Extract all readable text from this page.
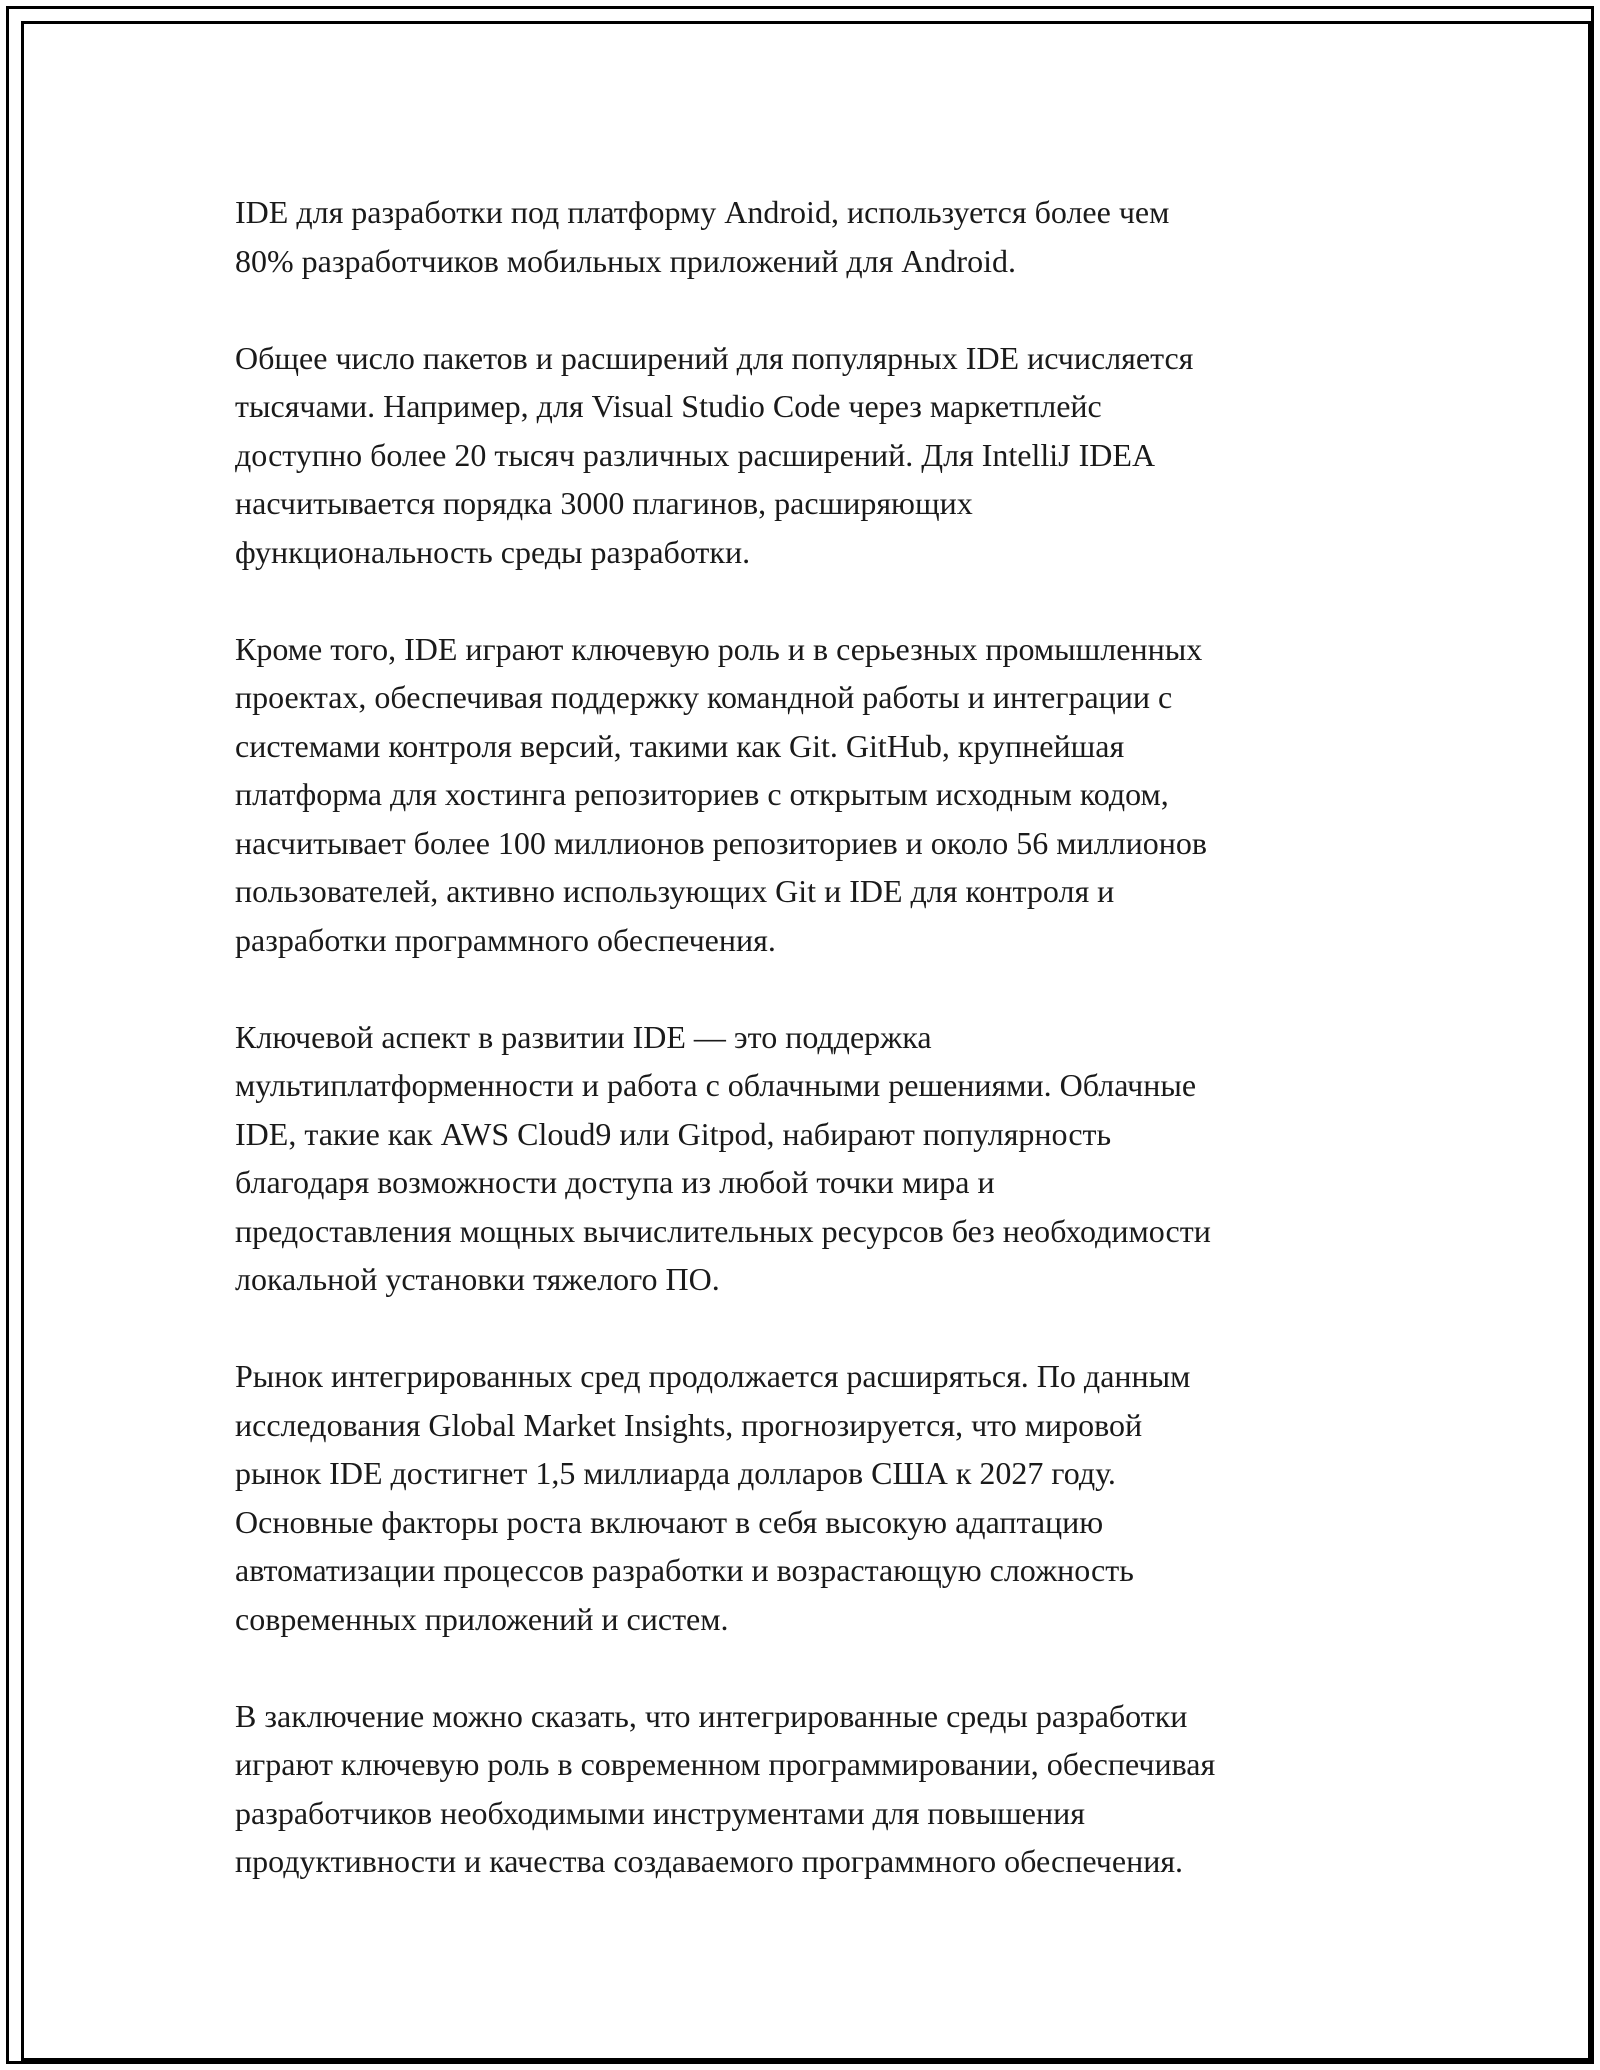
IDE для разработки под платформу Android, используется более чем
80% разработчиков мобильных приложений для Android.

Общее число пакетов и расширений для популярных IDE исчисляется
тысячами. Например, для Visual Studio Code через маркетплейс
доступно более 20 тысяч различных расширений. Для IntelliJ IDEA
насчитывается порядка 3000 плагинов, расширяющих
функциональность среды разработки.

Кроме того, IDE играют ключевую роль и в серьезных промышленных
проектах, обеспечивая поддержку командной работы и интеграции с
системами контроля версий, такими как Git. GitHub, крупнейшая
платформа для хостинга репозиториев с открытым исходным кодом,
насчитывает более 100 миллионов репозиториев и около 56 миллионов
пользователей, активно использующих Git и IDE для контроля и
разработки программного обеспечения.

Ключевой аспект в развитии IDE — это поддержка
мультиплатформенности и работа с облачными решениями. Облачные
IDE, такие как AWS Cloud9 или Gitpod, набирают популярность
благодаря возможности доступа из любой точки мира и
предоставления мощных вычислительных ресурсов без необходимости
локальной установки тяжелого ПО.

Рынок интегрированных сред продолжается расширяться. По данным
исследования Global Market Insights, прогнозируется, что мировой
рынок IDE достигнет 1,5 миллиарда долларов США к 2027 году.
Основные факторы роста включают в себя высокую адаптацию
автоматизации процессов разработки и возрастающую сложность
современных приложений и систем.

В заключение можно сказать, что интегрированные среды разработки
играют ключевую роль в современном программировании, обеспечивая
разработчиков необходимыми инструментами для повышения
продуктивности и качества создаваемого программного обеспечения.
